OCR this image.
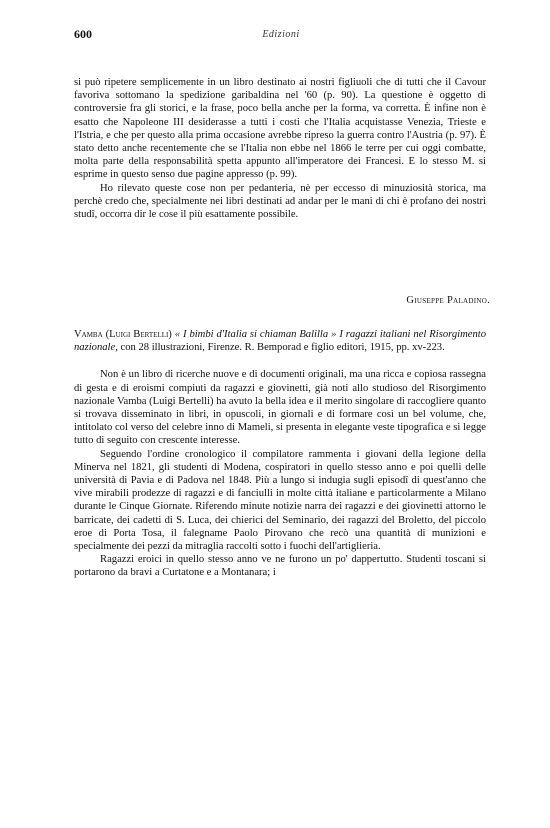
600	Edizioni

si può ripetere semplicemente in un libro destinato ai nostri figliuoli che di tutti che il Cavour favoriva sottomano la spedizione garibaldina nel '60 (p. 90). La questione è oggetto di controversie fra gli storici, e la frase, poco bella anche per la forma, va corretta. È infine non è esatto che Napoleone III desiderasse a tutti i costi che l'Italia acquistasse Venezia, Trieste e l'Istria, e che per questo alla prima occasione avrebbe ripreso la guerra contro l'Austria (p. 97). È stato detto anche recentemente che se l'Italia non ebbe nel 1866 le terre per cui oggi combatte, molta parte della responsabilità spetta appunto all'imperatore dei Francesi. E lo stesso M. si esprime in questo senso due pagine appresso (p. 99).

Ho rilevato queste cose non per pedanteria, nè per eccesso di minuziosità storica, ma perchè credo che, specialmente nei libri destinati ad andar per le mani di chi è profano dei nostri studî, occorra dir le cose il più esattamente possibile.

Giuseppe Paladino.

Vamba (Luigi Bertelli) « I bimbi d'Italia si chiaman Balilla » I ragazzi italiani nel Risorgimento nazionale, con 28 illustrazioni, Firenze. R. Bemporad e figlio editori, 1915, pp. xv-223.

Non è un libro di ricerche nuove e di documenti originali, ma una ricca e copiosa rassegna di gesta e di eroismi compiuti da ragazzi e giovinetti, già noti allo studioso del Risorgimento nazionale Vamba (Luigi Bertelli) ha avuto la bella idea e il merito singolare di raccogliere quanto si trovava disseminato in libri, in opuscoli, in giornali e di formare così un bel volume, che, intitolato col verso del celebre inno di Mameli, si presenta in elegante veste tipografica e si legge tutto di seguito con crescente interesse.

Seguendo l'ordine cronologico il compilatore rammenta i giovani della legione della Minerva nel 1821, gli studenti di Modena, cospiratori in quello stesso anno e poi quelli delle università di Pavia e di Padova nel 1848. Più a lungo si indugia sugli episodî di quest'anno che vive mirabili prodezze di ragazzi e di fanciulli in molte città italiane e particolarmente a Milano durante le Cinque Giornate. Riferendo minute notizie narra dei ragazzi e dei giovinetti attorno le barricate, dei cadetti di S. Luca, dei chierici del Seminario, dei ragazzi del Broletto, del piccolo eroe di Porta Tosa, il falegname Paolo Pirovano che recò una quantità di munizioni e specialmente dei pezzi da mitraglia raccolti sotto i fuochi dell'artiglieria.

Ragazzi eroici in quello stesso anno ve ne furono un po' dappertutto. Studenti toscani si portarono da bravi a Curtatone e a Montanara; i
